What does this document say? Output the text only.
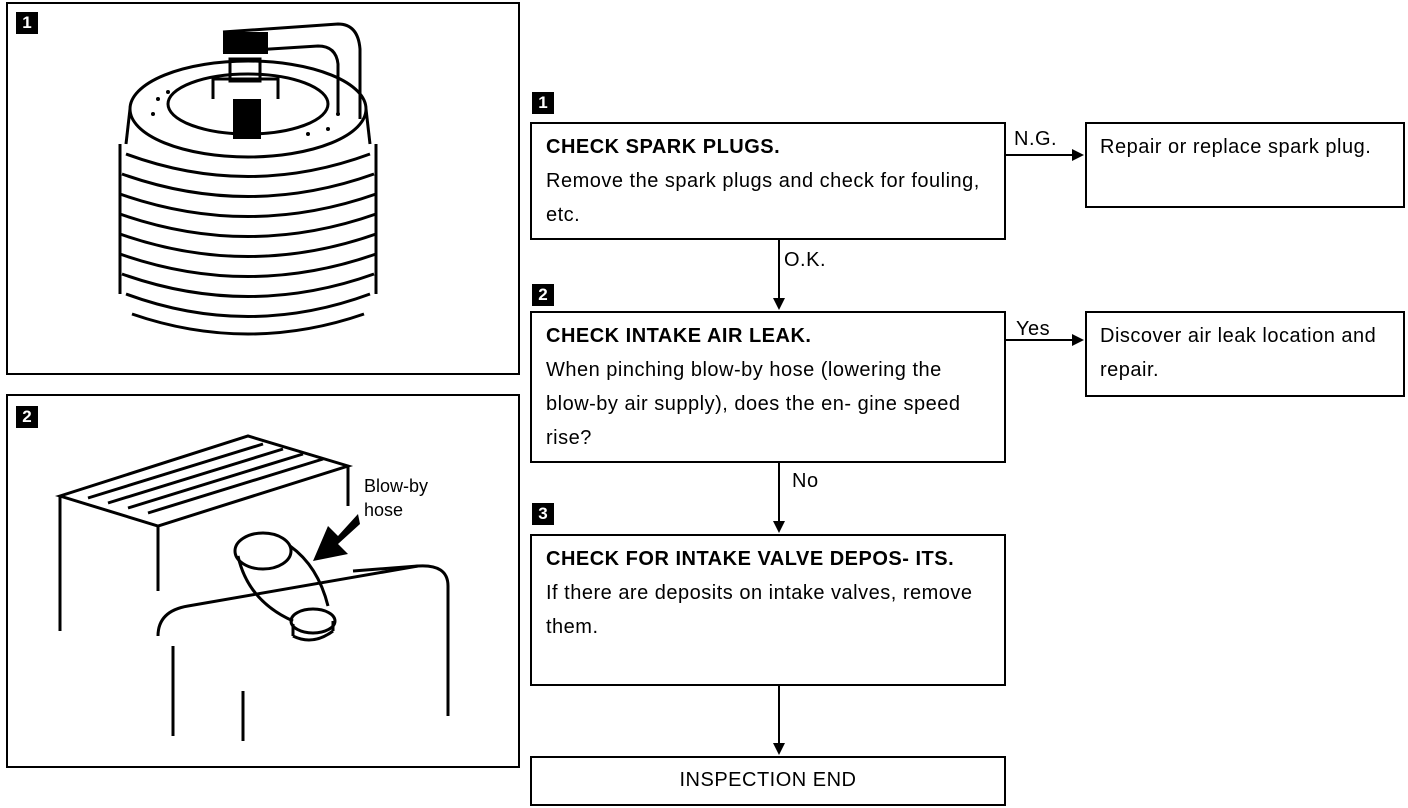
1
2
Blow-by
hose
1
CHECK SPARK PLUGS.
Remove the spark plugs and check for fouling, etc.
N.G. Repair or replace spark plug.
O.K.
2
CHECK INTAKE AIR LEAK.
When pinching blow-by hose (lowering the blow-by air supply), does the en- gine speed rise?
Yes Discover air leak location and repair.
No
3
CHECK FOR INTAKE VALVE DEPOS- ITS.
If there are deposits on intake valves, remove them.
INSPECTION END
